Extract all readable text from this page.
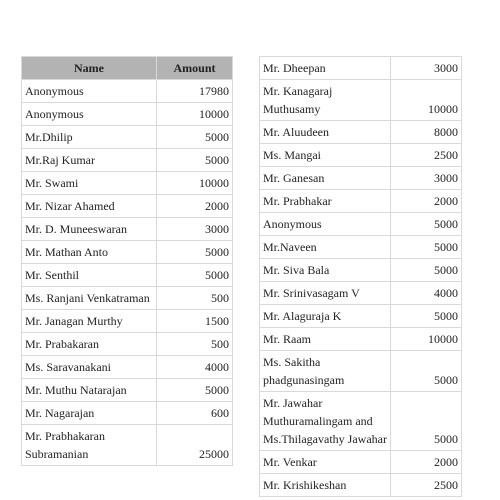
Name	Amount
Anonymous	17980
Anonymous	10000
Mr.Dhilip	5000
Mr.Raj Kumar	5000
Mr. Swami	10000
Mr. Nizar Ahamed	2000
Mr. D. Muneeswaran	3000
Mr. Mathan Anto	5000
Mr. Senthil	5000
Ms. Ranjani Venkatraman	500
Mr. Janagan Murthy	1500
Mr. Prabakaran	500
Ms. Saravanakani	4000
Mr. Muthu Natarajan	5000
Mr. Nagarajan	600
Mr. Prabhakaran Subramanian	25000
Mr. Dheepan	3000
Mr. Kanagaraj Muthusamy	10000
Mr. Aluudeen	8000
Ms. Mangai	2500
Mr. Ganesan	3000
Mr. Prabhakar	2000
Anonymous	5000
Mr.Naveen	5000
Mr. Siva Bala	5000
Mr. Srinivasagam V	4000
Mr. Alaguraja K	5000
Mr. Raam	10000
Ms. Sakitha phadgunasingam	5000
Mr. Jawahar Muthuramalingam and Ms.Thilagavathy Jawahar	5000
Mr. Venkar	2000
Mr. Krishikeshan	2500
